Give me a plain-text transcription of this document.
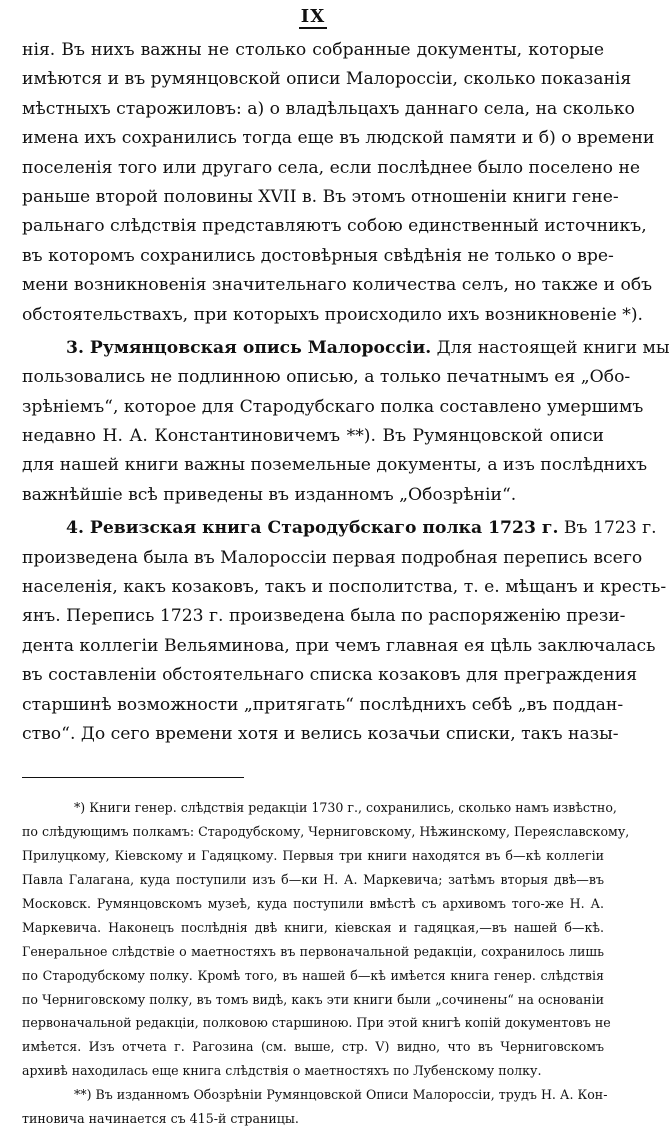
IX
нія. Въ нихъ важны не столько собранные документы, которые
имѣются и въ румянцовской описи Малороссіи, сколько показанія
мѣстныхъ старожиловъ: а) о владѣльцахъ даннаго села, на сколько
имена ихъ сохранились тогда еще въ людской памяти и б) о времени
поселенія того или другаго села, если послѣднее было поселено не
раньше второй половины XVII в. Въ этомъ отношеніи книги гене-
ральнаго слѣдствія представляютъ собою единственный источникъ,
въ которомъ сохранились достовѣрныя свѣдѣнія не только о вре-
мени возникновенія значительнаго количества селъ, но также и объ
обстоятельствахъ, при которыхъ происходило ихъ возникновеніе *).
3. Румянцовская опись Малороссіи. Для настоящей книги мы
пользовались не подлинною описью, а только печатнымъ ея „Обо-
зрѣніемъ“, которое для Стародубскаго полка составлено умершимъ
недавно Н. А. Константиновичемъ **). Въ Румянцовской описи
для нашей книги важны поземельные документы, а изъ послѣднихъ
важнѣйшіе всѣ приведены въ изданномъ „Обозрѣніи“.
4. Ревизская книга Стародубскаго полка 1723 г. Въ 1723 г.
произведена была въ Малороссіи первая подробная перепись всего
населенія, какъ козаковъ, такъ и посполитства, т. е. мѣщанъ и кресть-
янъ. Перепись 1723 г. произведена была по распоряженію прези-
дента коллегіи Вельяминова, при чемъ главная ея цѣль заключалась
въ составленіи обстоятельнаго списка козаковъ для преграждения
старшинѣ возможности „притягать“ послѣднихъ себѣ „въ поддан-
ство“. До сего времени хотя и велись козачьи списки, такъ назы-
*) Книги генер. слѣдствія редакціи 1730 г., сохранились, сколько намъ извѣстно,
по слѣдующимъ полкамъ: Стародубскому, Черниговскому, Нѣжинскому, Переяславскому,
Прилуцкому, Кіевскому и Гадяцкому. Первыя три книги находятся въ б—кѣ коллегіи
Павла Галагана, куда поступили изъ б—ки Н. А. Маркевича; затѣмъ вторыя двѣ—въ
Московск. Румянцовскомъ музеѣ, куда поступили вмѣстѣ съ архивомъ того-же Н. А.
Маркевича. Наконецъ послѣднія двѣ книги, кіевская и гадяцкая,—въ нашей б—кѣ.
Генеральное слѣдствіе о маетностяхъ въ первоначальной редакціи, сохранилось лишь
по Стародубскому полку. Кромѣ того, въ нашей б—кѣ имѣется книга генер. слѣдствія
по Черниговскому полку, въ томъ видѣ, какъ эти книги были „сочинены“ на основаніи
первоначальной редакціи, полковою старшиною. При этой книгѣ копій документовъ не
имѣется. Изъ отчета г. Рагозина (см. выше, стр. V) видно, что въ Черниговскомъ
архивѣ находилась еще книга слѣдствія о маетностяхъ по Лубенскому полку.
**) Въ изданномъ Обозрѣніи Румянцовской Описи Малороссіи, трудъ Н. А. Кон-
тиновича начинается съ 415-й страницы.
